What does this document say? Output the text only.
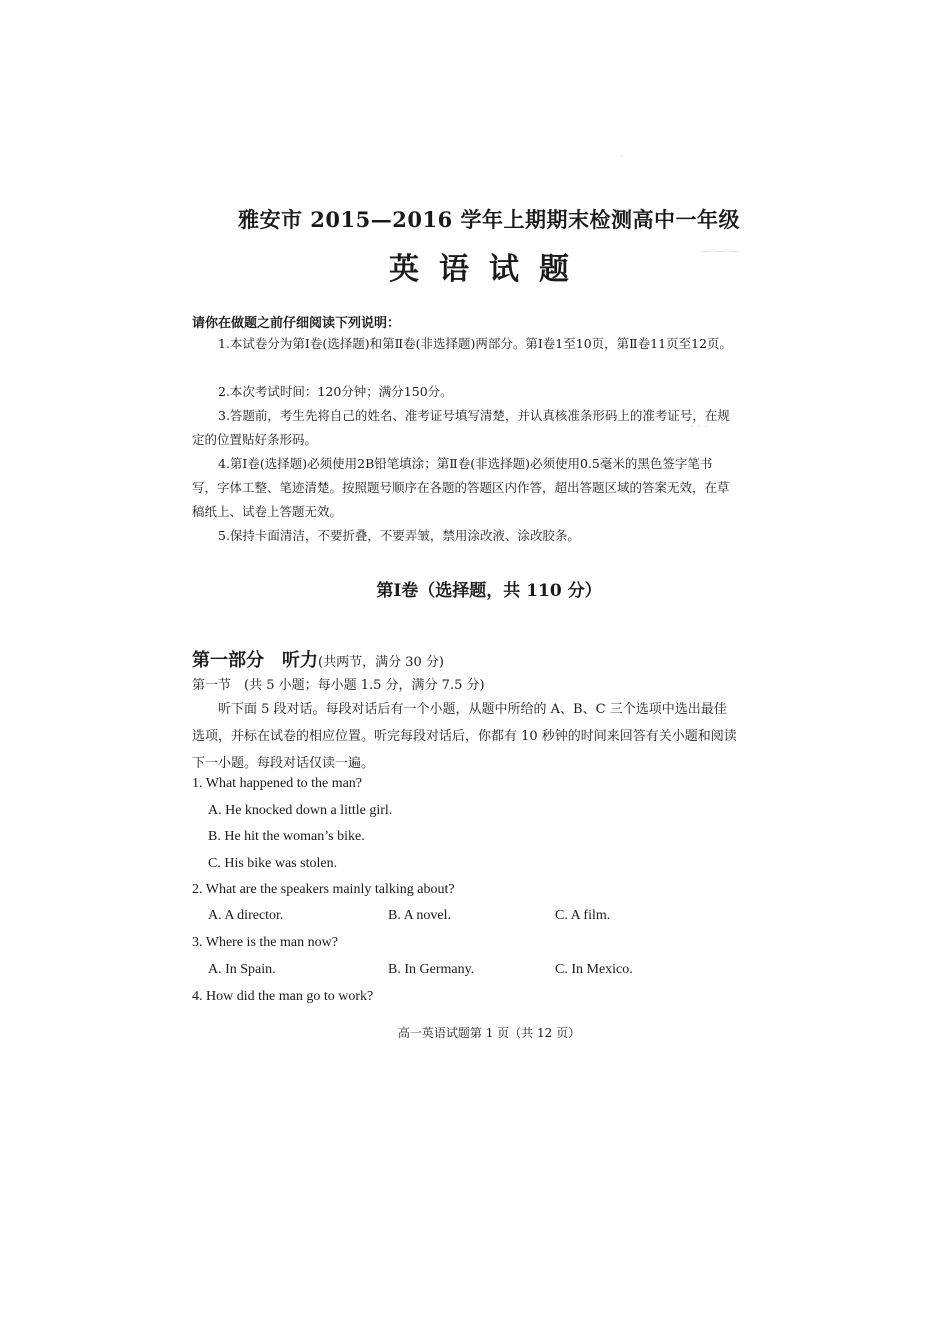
·
— — —
· · ·
雅安市 2015—2016 学年上期期末检测高中一年级
英语试题
请你在做题之前仔细阅读下列说明：

1.本试卷分为第Ⅰ卷(选择题)和第Ⅱ卷(非选择题)两部分。第Ⅰ卷1至10页，第Ⅱ卷11页至12页。

2.本次考试时间：120分钟；满分150分。

3.答题前，考生先将自己的姓名、准考证号填写清楚，并认真核准条形码上的准考证号，在规定的位置贴好条形码。

4.第Ⅰ卷(选择题)必须使用2B铅笔填涂；第Ⅱ卷(非选择题)必须使用0.5毫米的黑色签字笔书写，字体工整、笔迹清楚。按照题号顺序在各题的答题区内作答，超出答题区域的答案无效，在草稿纸上、试卷上答题无效。

5.保持卡面清洁，不要折叠，不要弄皱，禁用涂改液、涂改胶条。

第Ⅰ卷（选择题，共 110 分）
第一部分　听力(共两节，满分 30 分)
第一节　(共 5 小题；每小题 1.5 分，满分 7.5 分)

听下面 5 段对话。每段对话后有一个小题，从题中所给的 A、B、C 三个选项中选出最佳选项，并标在试卷的相应位置。听完每段对话后，你都有 10 秒钟的时间来回答有关小题和阅读下一小题。每段对话仅读一遍。

1. What happened to the man?
A. He knocked down a little girl.
B. He hit the woman’s bike.
C. His bike was stolen.
2. What are the speakers mainly talking about?
A. A director.	B. A novel.	C. A film.
3. Where is the man now?
A. In Spain.	B. In Germany.	C. In Mexico.
4. How did the man go to work?
高一英语试题第 1 页（共 12 页）
